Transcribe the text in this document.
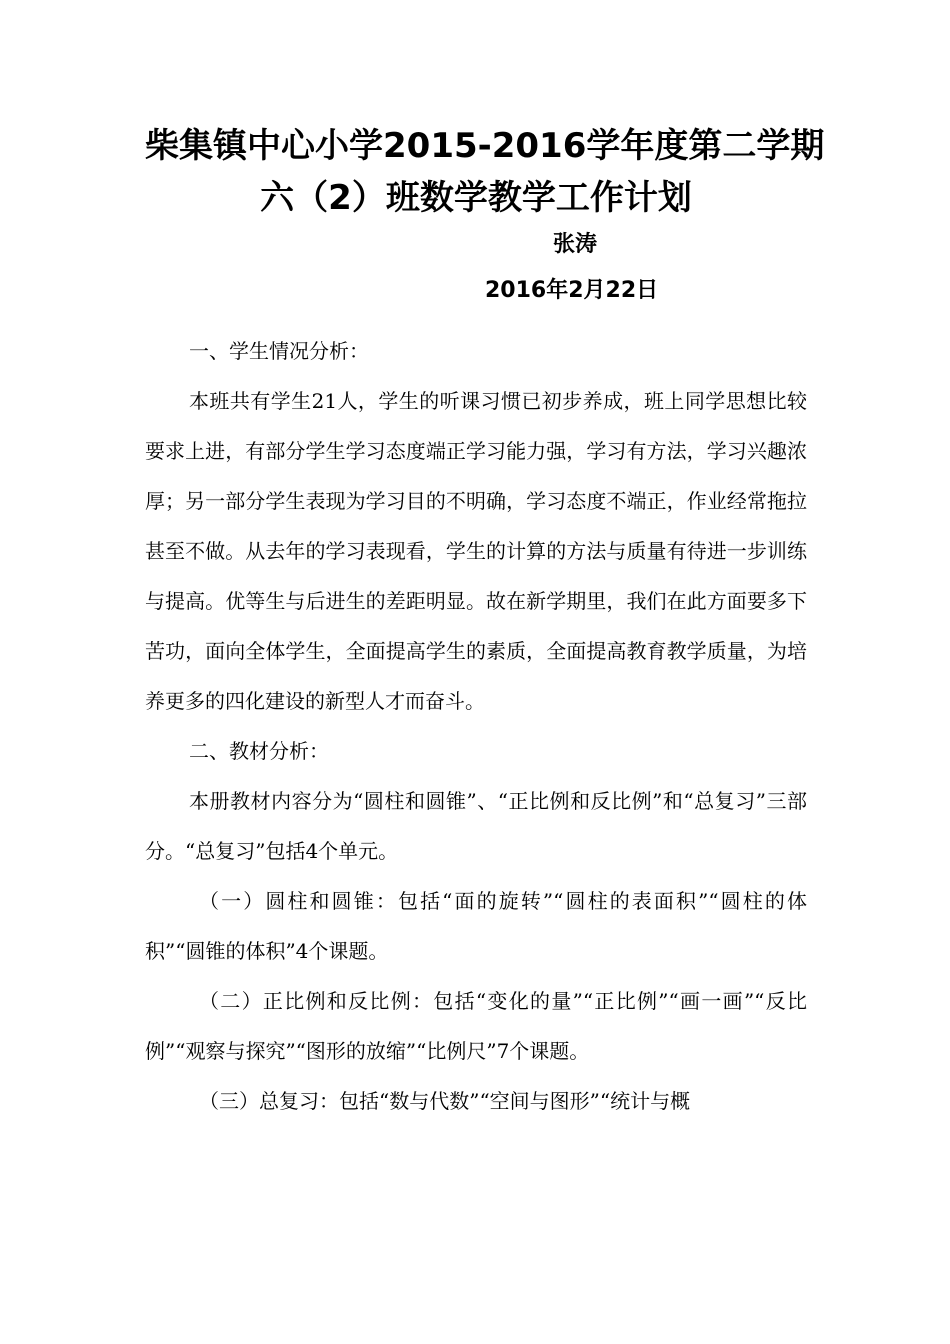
柴集镇中心小学2015-2016学年度第二学期
六（2）班数学教学工作计划
张涛
2016年2月22日

一、学生情况分析：

本班共有学生21人，学生的听课习惯已初步养成，班上同学思想比较要求上进，有部分学生学习态度端正学习能力强，学习有方法，学习兴趣浓厚；另一部分学生表现为学习目的不明确，学习态度不端正，作业经常拖拉甚至不做。从去年的学习表现看，学生的计算的方法与质量有待进一步训练与提高。优等生与后进生的差距明显。故在新学期里，我们在此方面要多下苦功，面向全体学生，全面提高学生的素质，全面提高教育教学质量，为培养更多的四化建设的新型人才而奋斗。

二、教材分析：

本册教材内容分为“圆柱和圆锥”、“正比例和反比例”和“总复习”三部分。“总复习”包括4个单元。

（一）圆柱和圆锥：包括“面的旋转”“圆柱的表面积”“圆柱的体积”“圆锥的体积”4个课题。

（二）正比例和反比例：包括“变化的量”“正比例”“画一画”“反比例”“观察与探究”“图形的放缩”“比例尺”7个课题。

（三）总复习：包括“数与代数”“空间与图形”“统计与概
